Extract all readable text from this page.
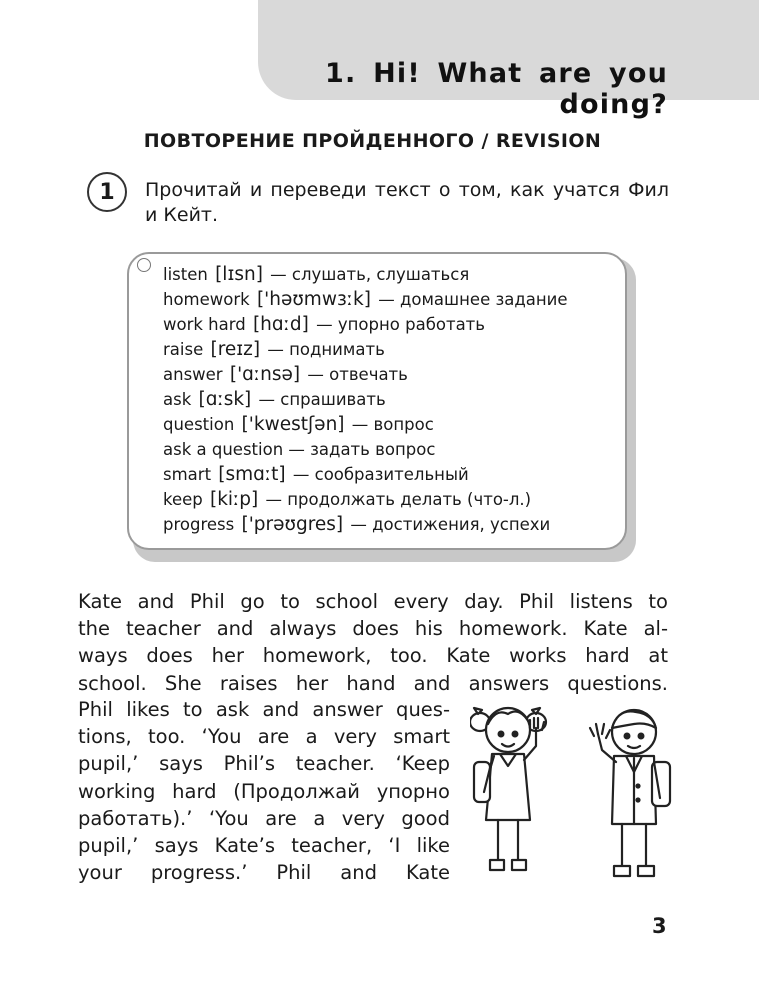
1. Hi! What are you doing?
ПОВТОРЕНИЕ ПРОЙДЕННОГО / REVISION
1 Прочитай и переведи текст о том, как учатся Фил и Кейт.

listen [lɪsn] — слушать, слушаться
homework ['həʊmwɜːk] — домашнее задание
work hard [hɑːd] — упорно работать
raise [reɪz] — поднимать
answer ['ɑːnsə] — отвечать
ask [ɑːsk] — спрашивать
question ['kwestʃən] — вопрос
ask a question — задать вопрос
smart [smɑːt] — сообразительный
keep [kiːp] — продолжать делать (что-л.)
progress ['prəʊgres] — достижения, успехи

Kate and Phil go to school every day. Phil listens to
the teacher and always does his homework. Kate al-
ways does her homework, too. Kate works hard at
school. She raises her hand and answers questions.

Phil likes to ask and answer ques-
tions, too. ‘You are a very smart
pupil,’ says Phil’s teacher. ‘Keep
working hard (Продолжай упорно
работать).’ ‘You are a very good
pupil,’ says Kate’s teacher, ‘I like
your progress.’ Phil and Kate

3
